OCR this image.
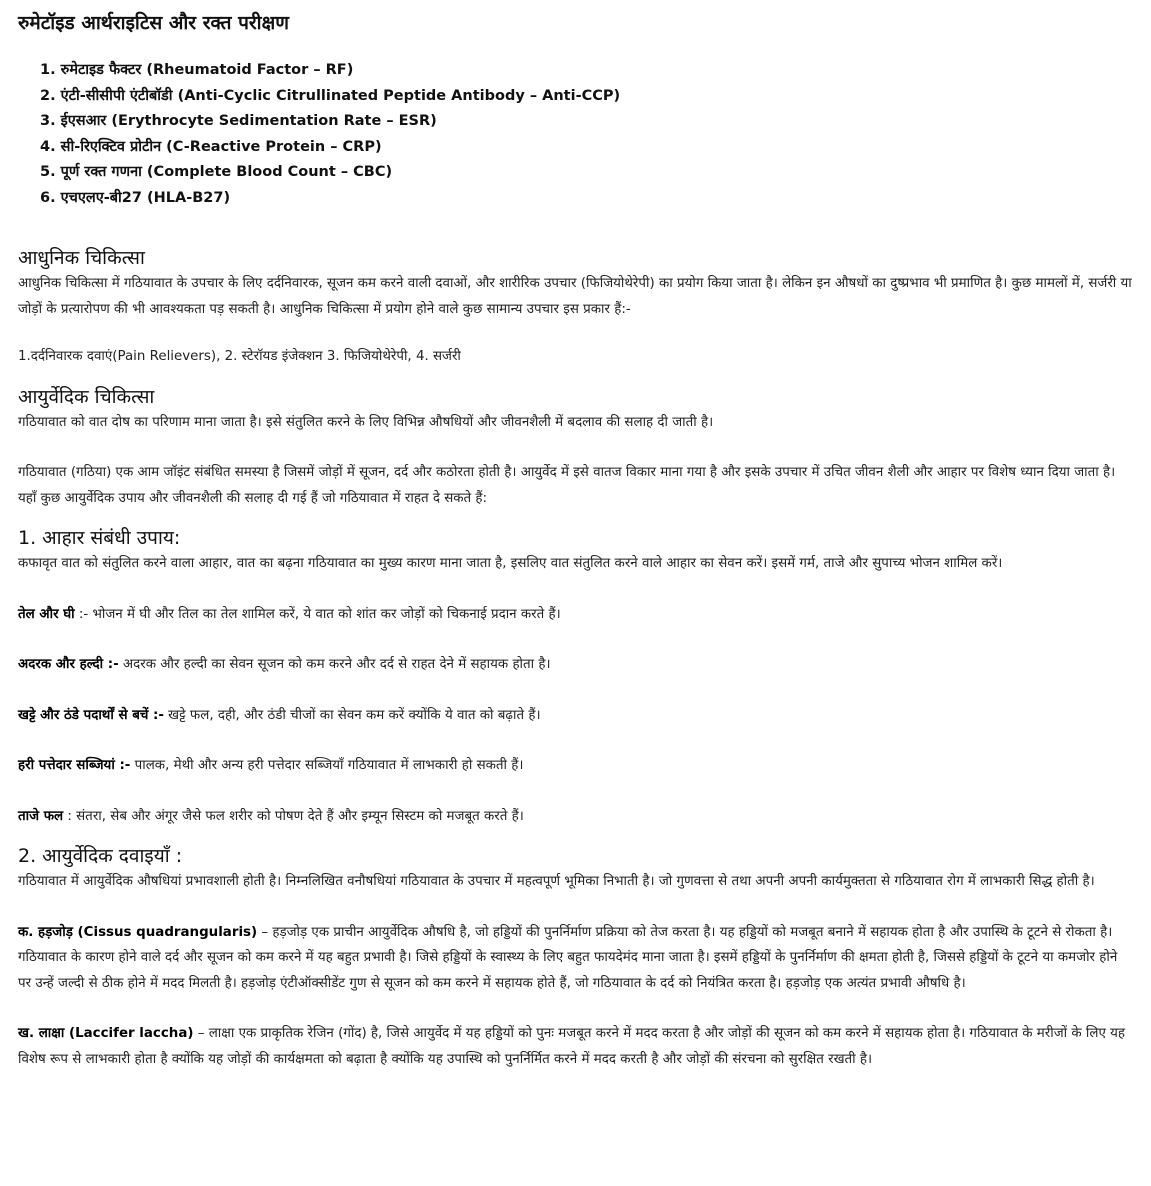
रुमेटॉइड आर्थराइटिस और रक्त परीक्षण
1. रुमेटाइड फैक्टर (Rheumatoid Factor – RF)
2. एंटी-सीसीपी एंटीबॉडी (Anti-Cyclic Citrullinated Peptide Antibody – Anti-CCP)
3. ईएसआर (Erythrocyte Sedimentation Rate – ESR)
4. सी-रिएक्टिव प्रोटीन (C-Reactive Protein – CRP)
5. पूर्ण रक्त गणना (Complete Blood Count – CBC)
6. एचएलए-बी27 (HLA-B27)
आधुनिक चिकित्सा

आधुनिक चिकित्सा में गठियावात के उपचार के लिए दर्दनिवारक, सूजन कम करने वाली दवाओं, और शारीरिक उपचार (फिजियोथेरेपी) का प्रयोग किया जाता है। लेकिन इन औषधों का दुष्प्रभाव भी प्रमाणित है। कुछ मामलों में, सर्जरी या जोड़ों के प्रत्यारोपण की भी आवश्यकता पड़ सकती है। आधुनिक चिकित्सा में प्रयोग होने वाले कुछ सामान्य उपचार इस प्रकार हैं:-

1.दर्दनिवारक दवाएं(Pain Relievers), 2. स्टेरॉयड इंजेक्शन 3. फिजियोथेरेपी, 4. सर्जरी

आयुर्वेदिक चिकित्सा

गठियावात को वात दोष का परिणाम माना जाता है। इसे संतुलित करने के लिए विभिन्न औषधियों और जीवनशैली में बदलाव की सलाह दी जाती है।

गठियावात (गठिया) एक आम जॉइंट संबंधित समस्या है जिसमें जोड़ों में सूजन, दर्द और कठोरता होती है। आयुर्वेद में इसे वातज विकार माना गया है और इसके उपचार में उचित जीवन शैली और आहार पर विशेष ध्यान दिया जाता है। यहाँ कुछ आयुर्वेदिक उपाय और जीवनशैली की सलाह दी गई हैं जो गठियावात में राहत दे सकते हैं:

1. आहार संबंधी उपाय:

कफावृत वात को संतुलित करने वाला आहार, वात का बढ़ना गठियावात का मुख्य कारण माना जाता है, इसलिए वात संतुलित करने वाले आहार का सेवन करें। इसमें गर्म, ताजे और सुपाच्य भोजन शामिल करें।

तेल और घी :- भोजन में घी और तिल का तेल शामिल करें, ये वात को शांत कर जोड़ों को चिकनाई प्रदान करते हैं।

अदरक और हल्दी :- अदरक और हल्दी का सेवन सूजन को कम करने और दर्द से राहत देने में सहायक होता है।

खट्टे और ठंडे पदार्थों से बचें :- खट्टे फल, दही, और ठंडी चीजों का सेवन कम करें क्योंकि ये वात को बढ़ाते हैं।

हरी पत्तेदार सब्जियां :- पालक, मेथी और अन्य हरी पत्तेदार सब्जियाँ गठियावात में लाभकारी हो सकती हैं।

ताजे फल : संतरा, सेब और अंगूर जैसे फल शरीर को पोषण देते हैं और इम्यून सिस्टम को मजबूत करते हैं।

2. आयुर्वेदिक दवाइयाँ :

गठियावात में आयुर्वेदिक औषधियां प्रभावशाली होती है। निम्नलिखित वनौषधियां गठियावात के उपचार में महत्वपूर्ण भूमिका निभाती है। जो गुणवत्ता से तथा अपनी अपनी कार्यमुक्तता से गठियावात रोग में लाभकारी सिद्ध होती है।

क. हड़जोड़ (Cissus quadrangularis) – हड़जोड़ एक प्राचीन आयुर्वेदिक औषधि है, जो हड्डियों की पुनर्निर्माण प्रक्रिया को तेज करता है। यह हड्डियों को मजबूत बनाने में सहायक होता है और उपास्थि के टूटने से रोकता है। गठियावात के कारण होने वाले दर्द और सूजन को कम करने में यह बहुत प्रभावी है। जिसे हड्डियों के स्वास्थ्य के लिए बहुत फायदेमंद माना जाता है। इसमें हड्डियों के पुनर्निर्माण की क्षमता होती है, जिससे हड्डियों के टूटने या कमजोर होने पर उन्हें जल्दी से ठीक होने में मदद मिलती है। हड़जोड़ एंटीऑक्सीडेंट गुण से सूजन को कम करने में सहायक होते हैं, जो गठियावात के दर्द को नियंत्रित करता है। हड़जोड़ एक अत्यंत प्रभावी औषधि है।

ख. लाक्षा (Laccifer laccha) – लाक्षा एक प्राकृतिक रेजिन (गोंद) है, जिसे आयुर्वेद में यह हड्डियों को पुनः मजबूत करने में मदद करता है और जोड़ों की सूजन को कम करने में सहायक होता है। गठियावात के मरीजों के लिए यह विशेष रूप से लाभकारी होता है क्योंकि यह जोड़ों की कार्यक्षमता को बढ़ाता है क्योंकि यह उपास्थि को पुनर्निर्मित करने में मदद करती है और जोड़ों की संरचना को सुरक्षित रखती है।
